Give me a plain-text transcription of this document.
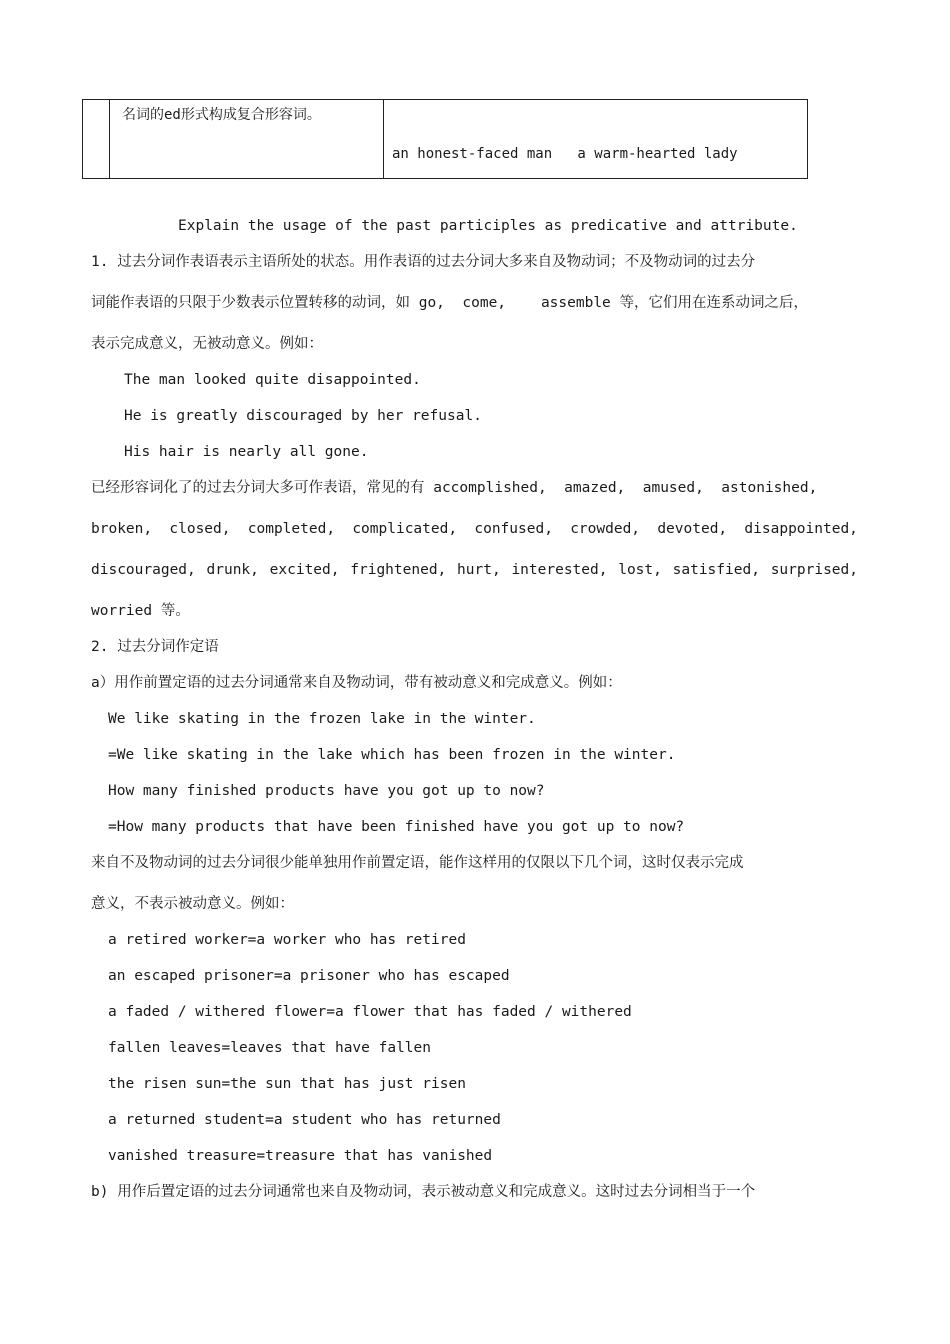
名词的ed形式构成复合形容词。
an honest-faced man   a warm-hearted lady
Explain the usage of the past participles as predicative and attribute.
1. 过去分词作表语表示主语所处的状态。用作表语的过去分词大多来自及物动词；不及物动词的过去分
词能作表语的只限于少数表示位置转移的动词，如 go,  come,    assemble 等，它们用在连系动词之后，
表示完成意义，无被动意义。例如：
The man looked quite disappointed.
He is greatly discouraged by her refusal.
His hair is nearly all gone.
已经形容词化了的过去分词大多可作表语，常见的有 accomplished,  amazed,  amused,  astonished,
broken, closed, completed, complicated, confused, crowded, devoted, disappointed,
discouraged, drunk, excited, frightened, hurt, interested, lost, satisfied, surprised,
worried 等。
2. 过去分词作定语
a）用作前置定语的过去分词通常来自及物动词，带有被动意义和完成意义。例如：
We like skating in the frozen lake in the winter.
=We like skating in the lake which has been frozen in the winter.
How many finished products have you got up to now?
=How many products that have been finished have you got up to now?
来自不及物动词的过去分词很少能单独用作前置定语，能作这样用的仅限以下几个词，这时仅表示完成
意义，不表示被动意义。例如：
a retired worker=a worker who has retired
an escaped prisoner=a prisoner who has escaped
a faded / withered flower=a flower that has faded / withered
fallen leaves=leaves that have fallen
the risen sun=the sun that has just risen
a returned student=a student who has returned
vanished treasure=treasure that has vanished
b) 用作后置定语的过去分词通常也来自及物动词，表示被动意义和完成意义。这时过去分词相当于一个
